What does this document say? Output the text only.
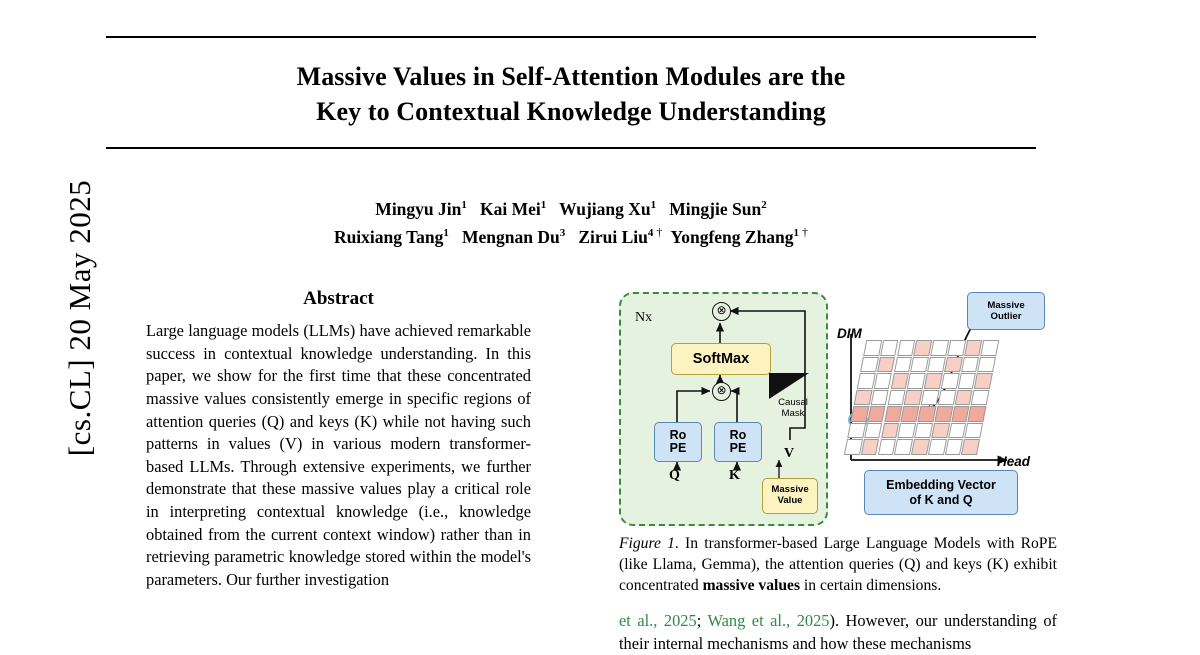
[cs.CL] 20 May 2025
Massive Values in Self-Attention Modules are the
Key to Contextual Knowledge Understanding
Mingyu Jin$^1$ Kai Mei$^1$ Wujiang Xu$^1$ Mingjie Sun$^2$
Ruixiang Tang$^1$ Mengnan Du$^3$ Zirui Liu$^4$ † Yongfeng Zhang$^1$ †
Abstract
Large language models (LLMs) have achieved remarkable success in contextual knowledge understanding. In this paper, we show for the first time that these concentrated massive values consistently emerge in specific regions of attention queries (Q) and keys (K) while not having such patterns in values (V) in various modern transformer-based LLMs. Through extensive experiments, we further demonstrate that these massive values play a critical role in interpreting contextual knowledge (i.e., knowledge obtained from the current context window) rather than in retrieving parametric knowledge stored within the model's parameters. Our further investigation
Nx	⊗
⊗
SoftMax
Ro
PE
Ro
PE
Q	K
V
Causal
Mask
Massive
Value
DIM
Head
Massive
Outlier
Embedding Vector
of K and Q
Figure 1. In transformer-based Large Language Models with RoPE (like Llama, Gemma), the attention queries (Q) and keys (K) exhibit concentrated massive values in certain dimensions.
et al., 2025; Wang et al., 2025). However, our understanding of their internal mechanisms and how these mechanisms
